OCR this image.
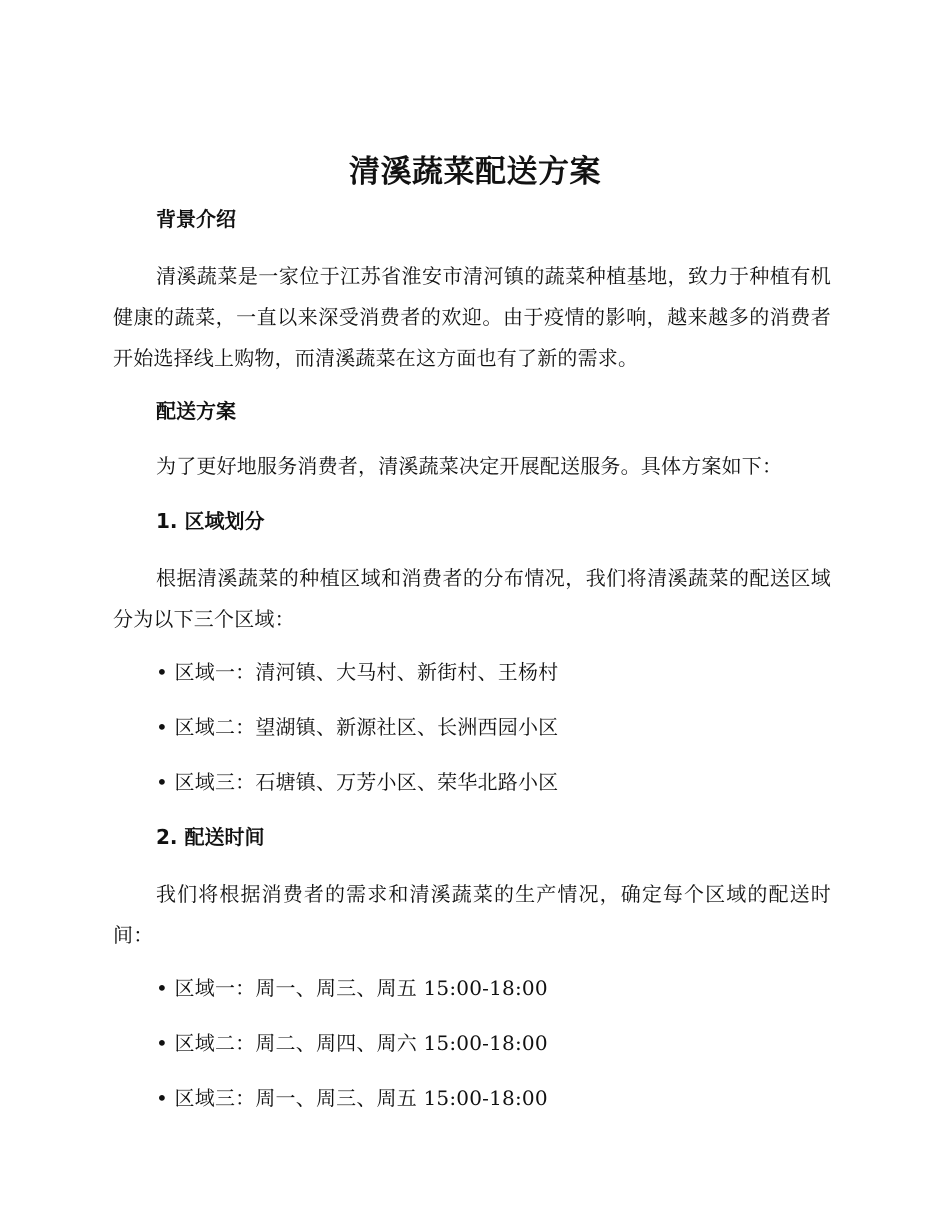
清溪蔬菜配送方案
背景介绍
清溪蔬菜是一家位于江苏省淮安市清河镇的蔬菜种植基地，致力于种植有机健康的蔬菜，一直以来深受消费者的欢迎。由于疫情的影响，越来越多的消费者开始选择线上购物，而清溪蔬菜在这方面也有了新的需求。
配送方案
为了更好地服务消费者，清溪蔬菜决定开展配送服务。具体方案如下：
1. 区域划分
根据清溪蔬菜的种植区域和消费者的分布情况，我们将清溪蔬菜的配送区域分为以下三个区域：
• 区域一：清河镇、大马村、新街村、王杨村
• 区域二：望湖镇、新源社区、长洲西园小区
• 区域三：石塘镇、万芳小区、荣华北路小区
2. 配送时间
我们将根据消费者的需求和清溪蔬菜的生产情况，确定每个区域的配送时间：
• 区域一：周一、周三、周五 15:00-18:00
• 区域二：周二、周四、周六 15:00-18:00
• 区域三：周一、周三、周五 15:00-18:00
